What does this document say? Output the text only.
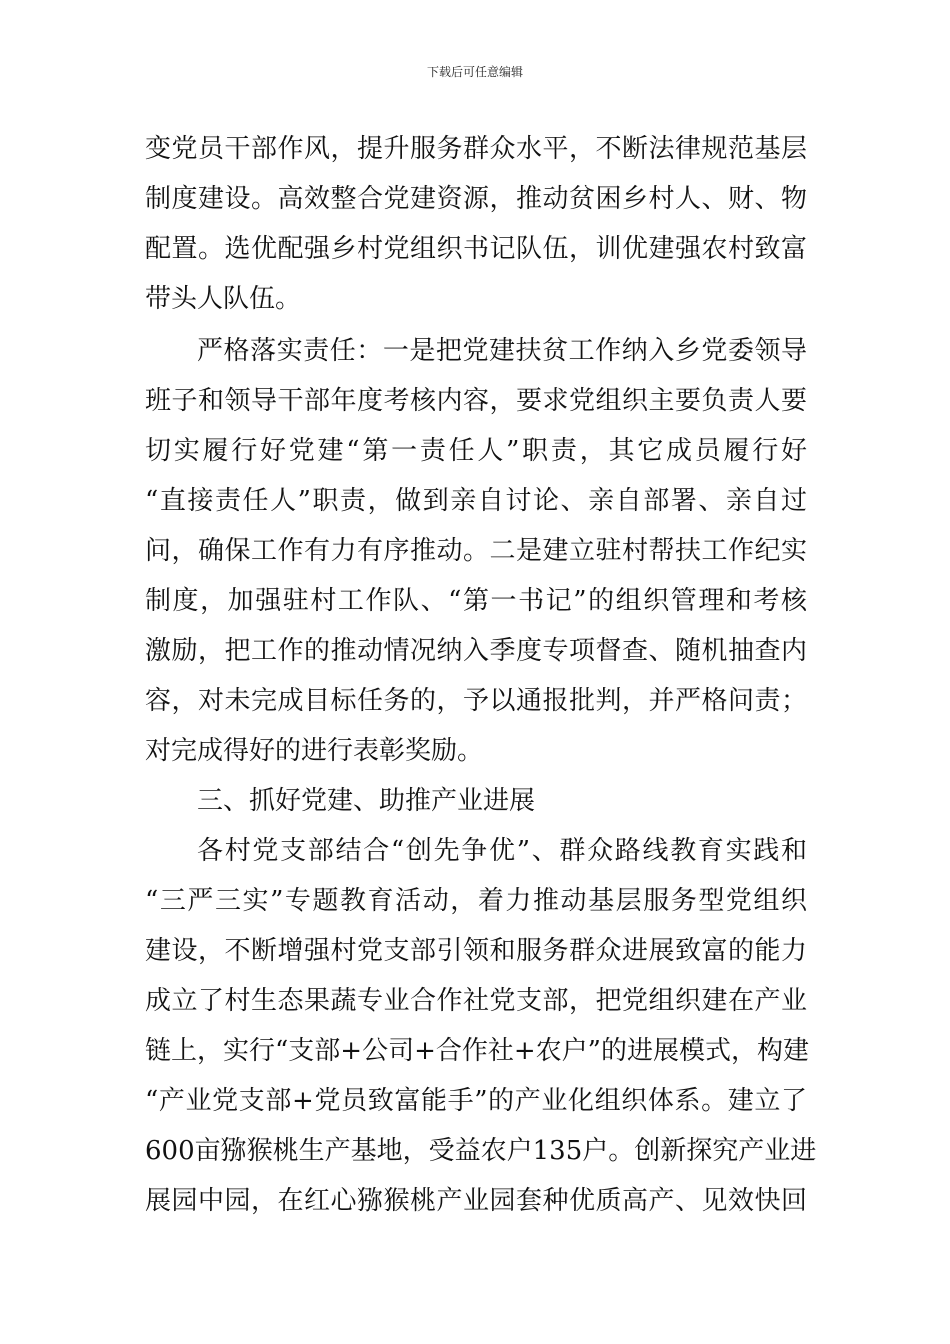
下载后可任意编辑
变党员干部作风，提升服务群众水平，不断法律规范基层
制度建设。高效整合党建资源，推动贫困乡村人、财、物
配置。选优配强乡村党组织书记队伍，训优建强农村致富
带头人队伍。
严格落实责任：一是把党建扶贫工作纳入乡党委领导
班子和领导干部年度考核内容，要求党组织主要负责人要
切实履行好党建“第一责任人”职责，其它成员履行好
“直接责任人”职责，做到亲自讨论、亲自部署、亲自过
问，确保工作有力有序推动。二是建立驻村帮扶工作纪实
制度，加强驻村工作队、“第一书记”的组织管理和考核
激励，把工作的推动情况纳入季度专项督查、随机抽查内
容，对未完成目标任务的，予以通报批判，并严格问责；
对完成得好的进行表彰奖励。
三、抓好党建、助推产业进展
各村党支部结合“创先争优”、群众路线教育实践和
“三严三实”专题教育活动，着力推动基层服务型党组织
建设，不断增强村党支部引领和服务群众进展致富的能力
成立了村生态果蔬专业合作社党支部，把党组织建在产业
链上，实行“支部+公司+合作社+农户”的进展模式，构建
“产业党支部+党员致富能手”的产业化组织体系。建立了
600亩猕猴桃生产基地，受益农户135户。创新探究产业进
展园中园，在红心猕猴桃产业园套种优质高产、见效快回
